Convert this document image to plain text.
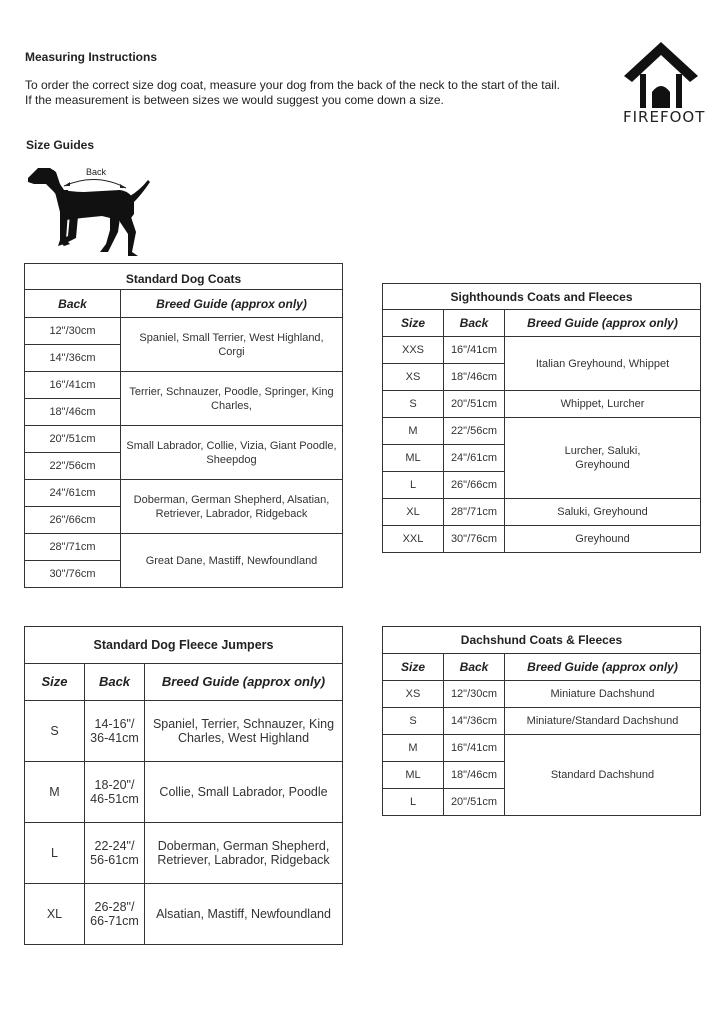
Measuring Instructions
To order the correct size dog coat, measure your dog from the back of the neck to the start of the tail.
If the measurement is between sizes we would suggest you come down a size.
FIREFOOT
Size Guides
Back
Standard Dog Coats	
Back	Breed Guide (approx only)
12"/30cm	Spaniel, Small Terrier, West Highland, Corgi
14"/36cm	
16"/41cm	Terrier, Schnauzer, Poodle, Springer, King Charles,
18"/46cm	
20"/51cm	Small Labrador, Collie, Vizia, Giant Poodle, Sheepdog
22"/56cm	
24"/61cm	Doberman, German Shepherd, Alsatian, Retriever, Labrador, Ridgeback
26"/66cm	
28"/71cm	Great Dane, Mastiff, Newfoundland
30"/76cm	
Sighthounds Coats and Fleeces		
Size	Back	Breed Guide (approx only)
XXS	16"/41cm	Italian Greyhound, Whippet
XS	18"/46cm	
S	20"/51cm	Whippet, Lurcher
M	22"/56cm	Lurcher, Saluki, Greyhound
ML	24"/61cm	
L	26"/66cm	
XL	28"/71cm	Saluki, Greyhound
XXL	30"/76cm	Greyhound
Standard Dog Fleece Jumpers		
Size	Back	Breed Guide (approx only)
S	14-16"/
36-41cm	Spaniel, Terrier, Schnauzer, King Charles, West Highland
M	18-20"/
46-51cm	Collie, Small Labrador, Poodle
L	22-24"/
56-61cm	Doberman, German Shepherd, Retriever, Labrador, Ridgeback
XL	26-28"/
66-71cm	Alsatian, Mastiff, Newfoundland
Dachshund Coats & Fleeces		
Size	Back	Breed Guide (approx only)
XS	12"/30cm	Miniature Dachshund
S	14"/36cm	Miniature/Standard Dachshund
M	16"/41cm	Standard Dachshund
ML	18"/46cm	
L	20"/51cm	
